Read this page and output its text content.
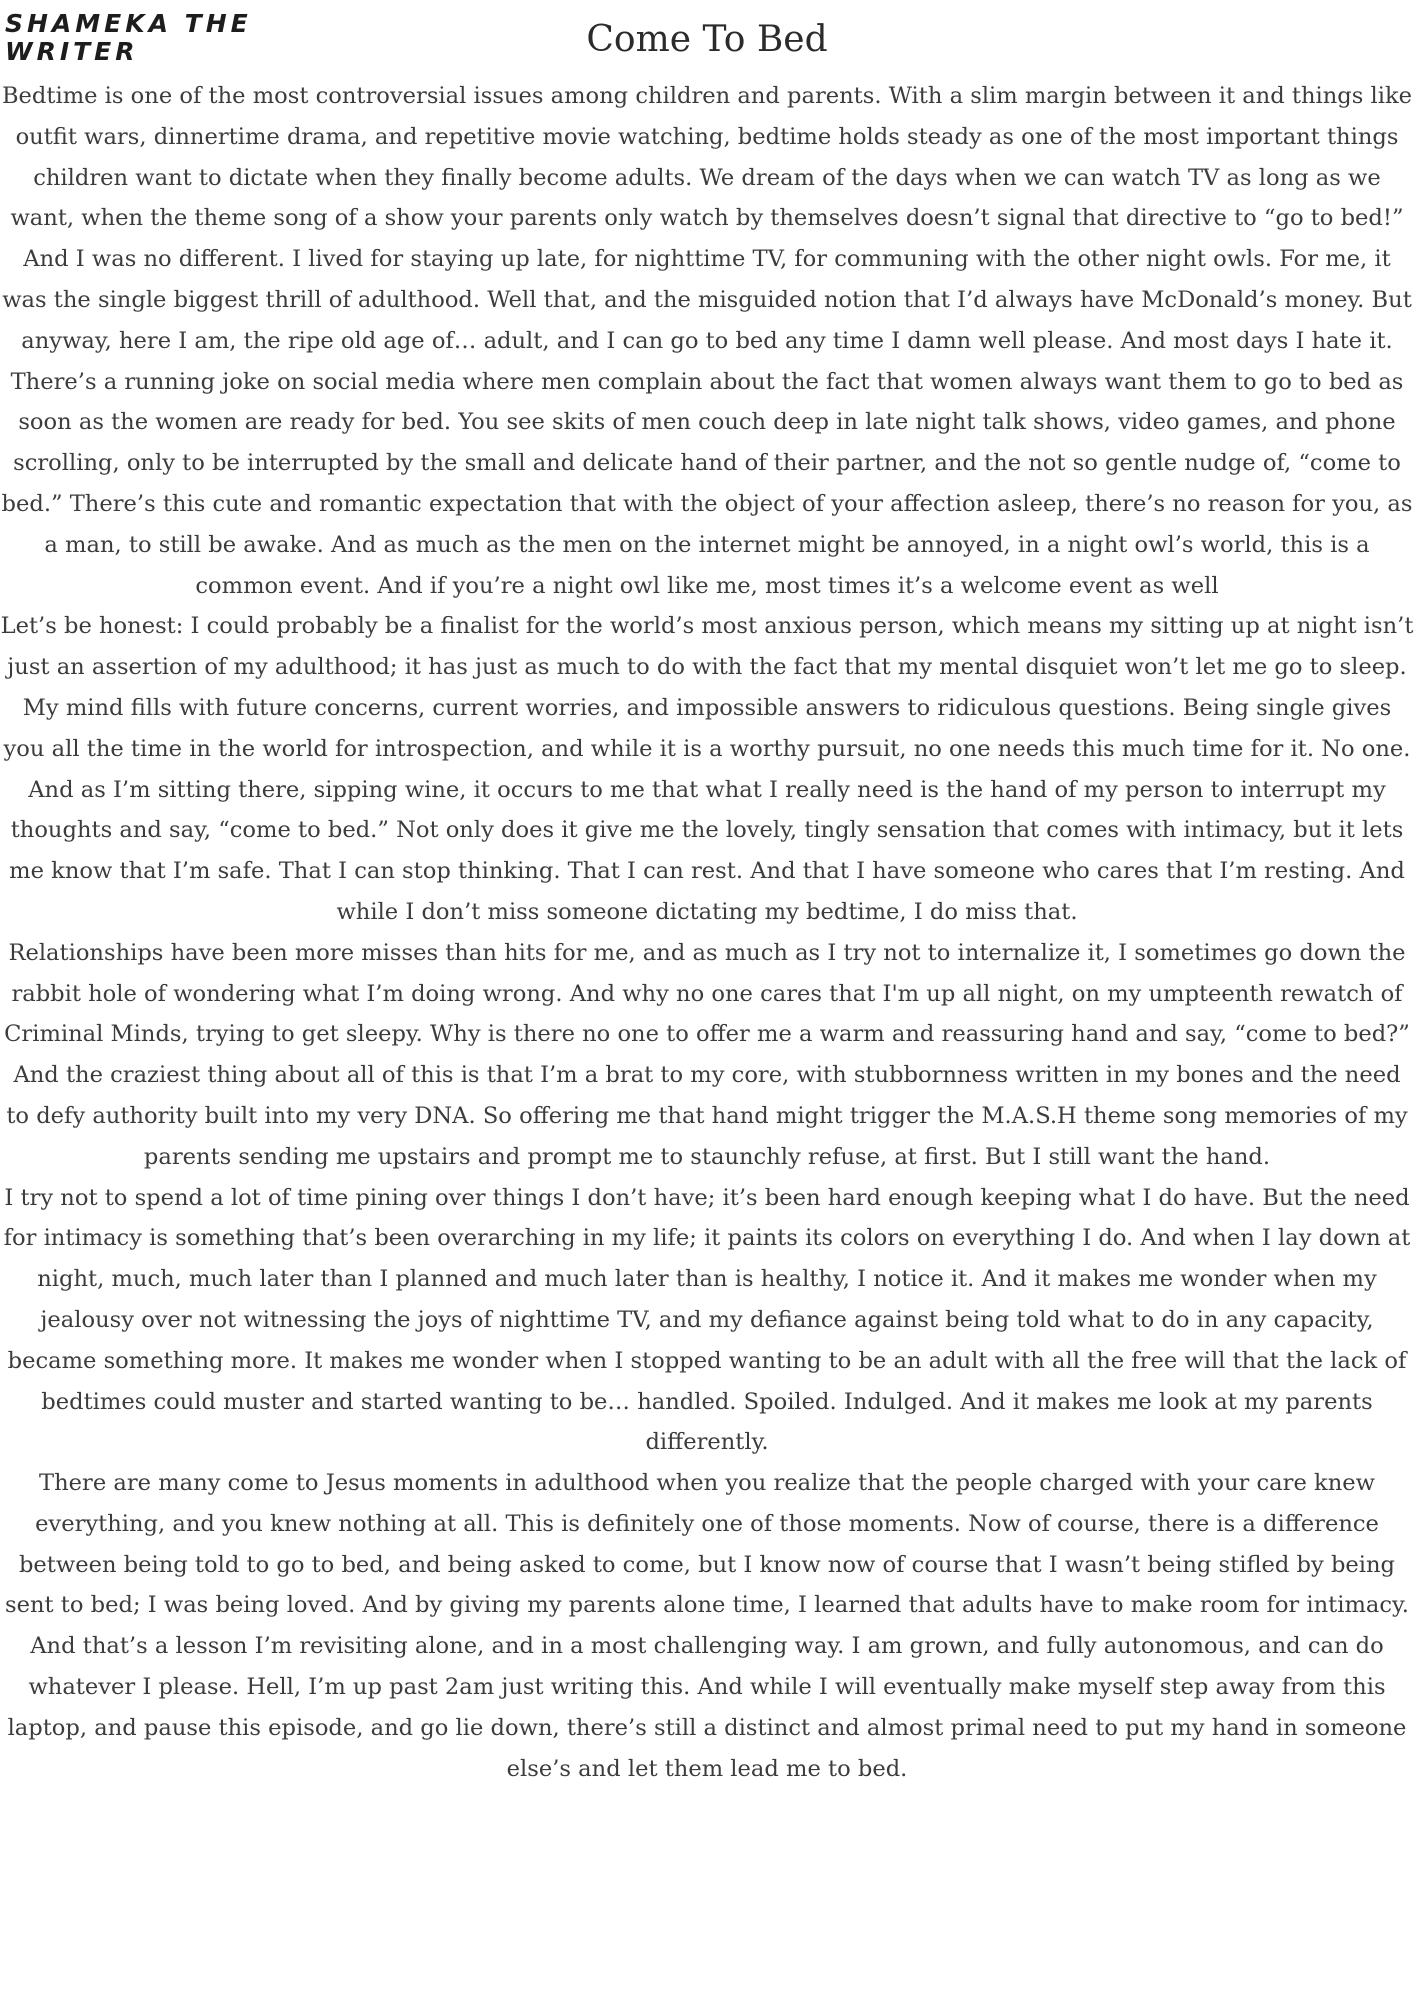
SHAMEKA THE WRITER	Come To Bed

Bedtime is one of the most controversial issues among children and parents. With a slim margin between it and things like outfit wars, dinnertime drama, and repetitive movie watching, bedtime holds steady as one of the most important things children want to dictate when they finally become adults. We dream of the days when we can watch TV as long as we want, when the theme song of a show your parents only watch by themselves doesn’t signal that directive to “go to bed!” And I was no different. I lived for staying up late, for nighttime TV, for communing with the other night owls. For me, it was the single biggest thrill of adulthood. Well that, and the misguided notion that I’d always have McDonald’s money. But anyway, here I am, the ripe old age of… adult, and I can go to bed any time I damn well please. And most days I hate it.

There’s a running joke on social media where men complain about the fact that women always want them to go to bed as soon as the women are ready for bed. You see skits of men couch deep in late night talk shows, video games, and phone scrolling, only to be interrupted by the small and delicate hand of their partner, and the not so gentle nudge of, “come to bed.” There’s this cute and romantic expectation that with the object of your affection asleep, there’s no reason for you, as a man, to still be awake. And as much as the men on the internet might be annoyed, in a night owl’s world, this is a common event. And if you’re a night owl like me, most times it’s a welcome event as well

Let’s be honest: I could probably be a finalist for the world’s most anxious person, which means my sitting up at night isn’t just an assertion of my adulthood; it has just as much to do with the fact that my mental disquiet won’t let me go to sleep. My mind fills with future concerns, current worries, and impossible answers to ridiculous questions. Being single gives you all the time in the world for introspection, and while it is a worthy pursuit, no one needs this much time for it. No one. And as I’m sitting there, sipping wine, it occurs to me that what I really need is the hand of my person to interrupt my thoughts and say, “come to bed.” Not only does it give me the lovely, tingly sensation that comes with intimacy, but it lets me know that I’m safe. That I can stop thinking. That I can rest. And that I have someone who cares that I’m resting. And while I don’t miss someone dictating my bedtime, I do miss that.

Relationships have been more misses than hits for me, and as much as I try not to internalize it, I sometimes go down the rabbit hole of wondering what I’m doing wrong. And why no one cares that I'm up all night, on my umpteenth rewatch of Criminal Minds, trying to get sleepy. Why is there no one to offer me a warm and reassuring hand and say, “come to bed?” And the craziest thing about all of this is that I’m a brat to my core, with stubbornness written in my bones and the need to defy authority built into my very DNA. So offering me that hand might trigger the M.A.S.H theme song memories of my parents sending me upstairs and prompt me to staunchly refuse, at first. But I still want the hand.

I try not to spend a lot of time pining over things I don’t have; it’s been hard enough keeping what I do have. But the need for intimacy is something that’s been overarching in my life; it paints its colors on everything I do. And when I lay down at night, much, much later than I planned and much later than is healthy, I notice it. And it makes me wonder when my jealousy over not witnessing the joys of nighttime TV, and my defiance against being told what to do in any capacity, became something more. It makes me wonder when I stopped wanting to be an adult with all the free will that the lack of bedtimes could muster and started wanting to be… handled. Spoiled. Indulged. And it makes me look at my parents differently.

There are many come to Jesus moments in adulthood when you realize that the people charged with your care knew everything, and you knew nothing at all. This is definitely one of those moments. Now of course, there is a difference between being told to go to bed, and being asked to come, but I know now of course that I wasn’t being stifled by being sent to bed; I was being loved. And by giving my parents alone time, I learned that adults have to make room for intimacy. And that’s a lesson I’m revisiting alone, and in a most challenging way. I am grown, and fully autonomous, and can do whatever I please. Hell, I’m up past 2am just writing this. And while I will eventually make myself step away from this laptop, and pause this episode, and go lie down, there’s still a distinct and almost primal need to put my hand in someone else’s and let them lead me to bed.
